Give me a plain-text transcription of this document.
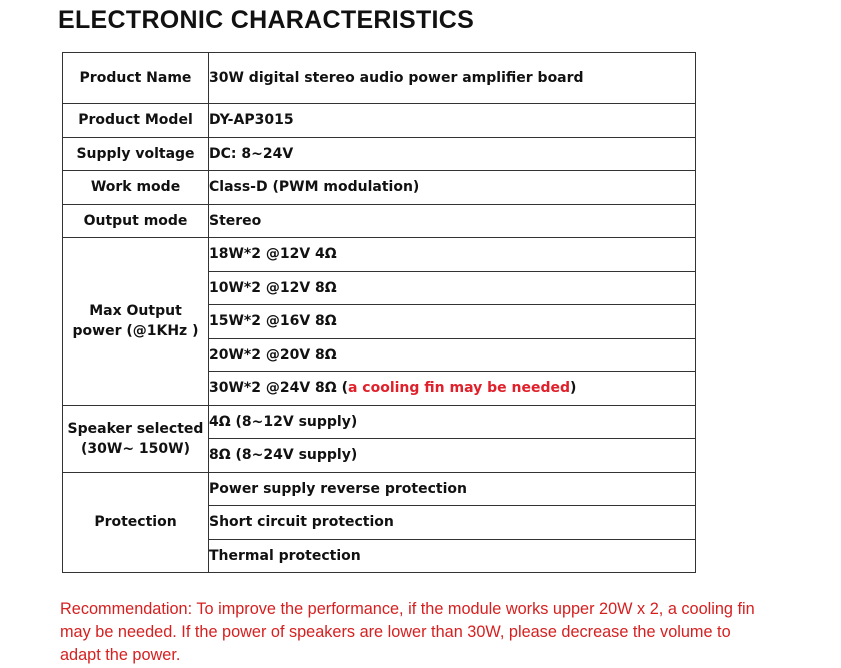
ELECTRONIC CHARACTERISTICS
Product Name	30W digital stereo audio power amplifier board
Product Model	DY-AP3015
Supply voltage	DC: 8~24V
Work mode	Class-D (PWM modulation)
Output mode	Stereo
Max Output power (@1KHz )	18W*2 @12V 4Ω
	10W*2 @12V 8Ω
	15W*2 @16V 8Ω
	20W*2 @20V 8Ω
	30W*2 @24V 8Ω (a cooling fin may be needed)
Speaker selected (30W~ 150W)	4Ω (8~12V supply)
	8Ω (8~24V supply)
Protection	Power supply reverse protection
	Short circuit protection
	Thermal protection

Recommendation: To improve the performance, if the module works upper 20W x 2, a cooling fin may be needed. If the power of speakers are lower than 30W, please decrease the volume to adapt the power.
